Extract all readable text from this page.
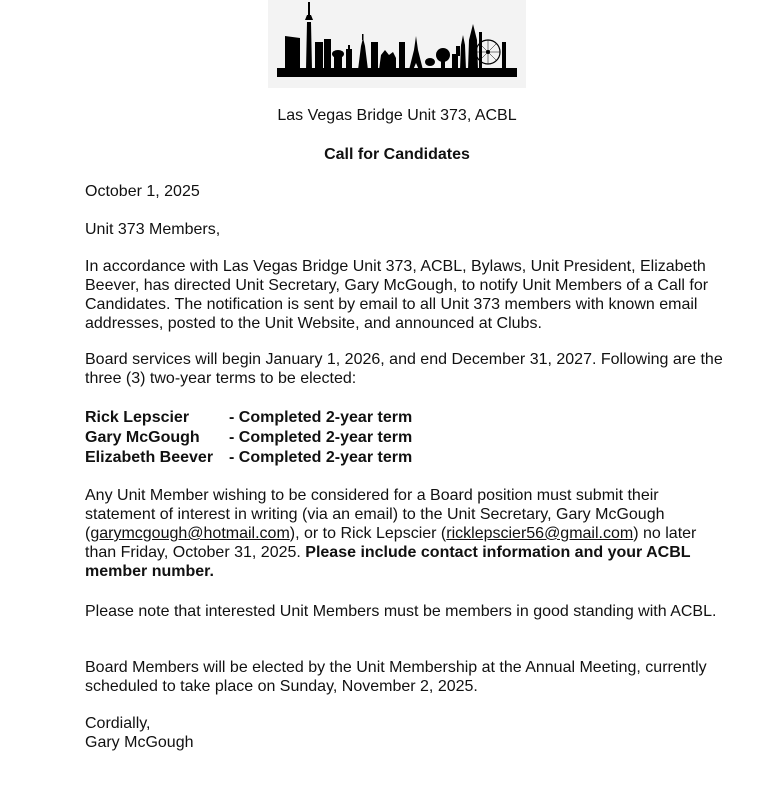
Las Vegas Bridge Unit 373, ACBL
Call for Candidates

October 1, 2025

Unit 373 Members,

In accordance with Las Vegas Bridge Unit 373, ACBL, Bylaws, Unit President, Elizabeth Beever, has directed Unit Secretary, Gary McGough, to notify Unit Members of a Call for Candidates. The notification is sent by email to all Unit 373 members with known email addresses, posted to the Unit Website, and announced at Clubs.

Board services will begin January 1, 2026, and end December 31, 2027. Following are the three (3) two-year terms to be elected:

Rick Lepscier	- Completed 2-year term
Gary McGough	- Completed 2-year term
Elizabeth Beever - Completed 2-year term

Any Unit Member wishing to be considered for a Board position must submit their statement of interest in writing (via an email) to the Unit Secretary, Gary McGough (garymcgough@hotmail.com), or to Rick Lepscier (ricklepscier56@gmail.com) no later than Friday, October 31, 2025. Please include contact information and your ACBL member number.

Please note that interested Unit Members must be members in good standing with ACBL.

Board Members will be elected by the Unit Membership at the Annual Meeting, currently scheduled to take place on Sunday, November 2, 2025.

Cordially,
Gary McGough
